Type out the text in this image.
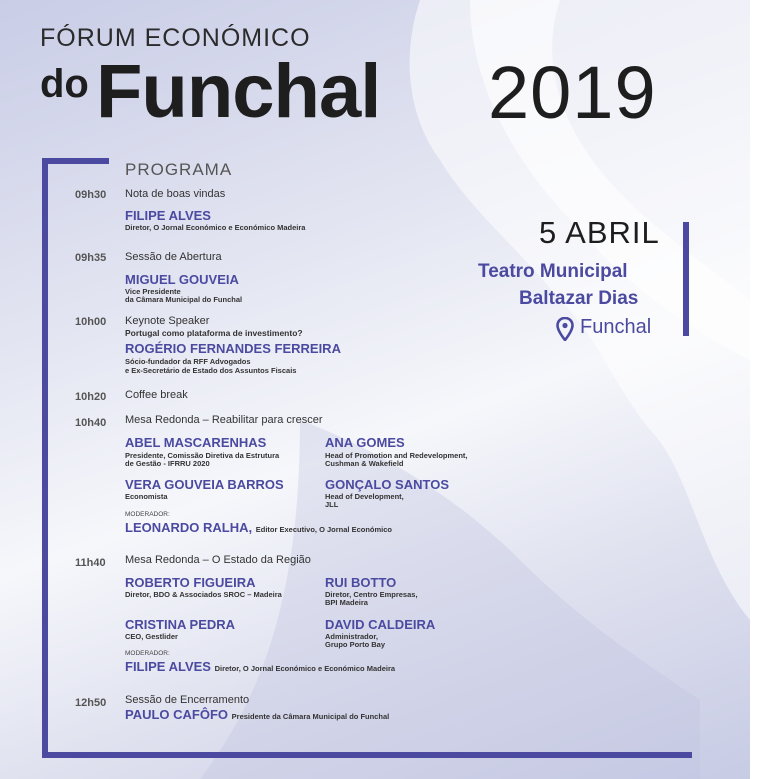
FÓRUM ECONÓMICO
do Funchal 2019
PROGRAMA
09h30 Nota de boas vindas
FILIPE ALVES
Diretor, O Jornal Económico e Económico Madeira
09h35 Sessão de Abertura
MIGUEL GOUVEIA
Vice Presidente
da Câmara Municipal do Funchal
10h00 Keynote Speaker
Portugal como plataforma de investimento?
ROGÉRIO FERNANDES FERREIRA
Sócio-fundador da RFF Advogados
e Ex-Secretário de Estado dos Assuntos Fiscais
10h20 Coffee break
10h40 Mesa Redonda – Reabilitar para crescer
ABEL MASCARENHAS
Presidente, Comissão Diretiva da Estrutura
de Gestão - IFRRU 2020
ANA GOMES
Head of Promotion and Redevelopment,
Cushman & Wakefield
VERA GOUVEIA BARROS
Economista
GONÇALO SANTOS
Head of Development,
JLL
MODERADOR:
LEONARDO RALHA, Editor Executivo, O Jornal Económico
11h40 Mesa Redonda – O Estado da Região
ROBERTO FIGUEIRA
Diretor, BDO & Associados SROC – Madeira
RUI BOTTO
Diretor, Centro Empresas,
BPI Madeira
CRISTINA PEDRA
CEO, Gestlider
DAVID CALDEIRA
Administrador,
Grupo Porto Bay
MODERADOR:
FILIPE ALVES Diretor, O Jornal Económico e Económico Madeira
12h50 Sessão de Encerramento
PAULO CAFÔFO Presidente da Câmara Municipal do Funchal
5 ABRIL
Teatro Municipal
Baltazar Dias
Funchal
